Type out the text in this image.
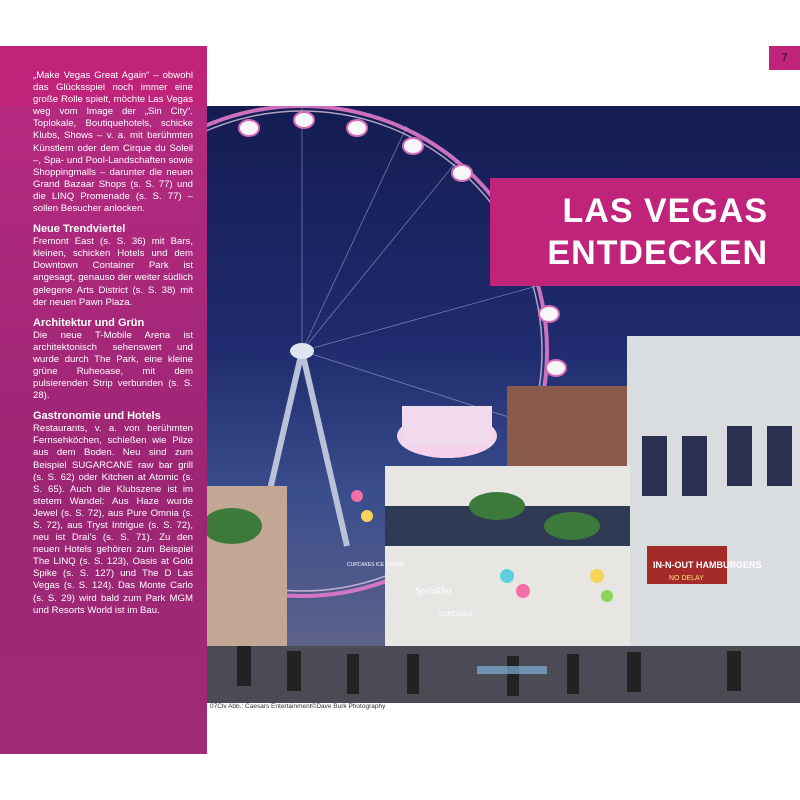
7

„Make Vegas Great Again“ – obwohl das Glücksspiel noch immer eine große Rolle spielt, möchte Las Vegas weg vom Image der „Sin City“. Toplokale, Boutiquehotels, schicke Klubs, Shows – v. a. mit berühmten Künstlern oder dem Cirque du Soleil –, Spa- und Pool-Landschaften sowie Shoppingmalls – darunter die neuen Grand Bazaar Shops (s. S. 77) und die LINQ Promenade (s. S. 77) – sollen Besucher anlocken.

Neue Trendviertel

Fremont East (s. S. 36) mit Bars, kleinen, schicken Hotels und dem Downtown Container Park ist angesagt, genauso der weiter südlich gelegene Arts District (s. S. 38) mit der neuen Pawn Plaza.

Architektur und Grün

Die neue T-Mobile Arena ist architektonisch sehenswert und wurde durch The Park, eine kleine grüne Ruheoase, mit dem pulsierenden Strip verbunden (s. S. 28).

Gastronomie und Hotels

Restaurants, v. a. von berühmten Fernsehköchen, schießen wie Pilze aus dem Boden. Neu sind zum Beispiel SUGARCANE raw bar grill (s. S. 62) oder Kitchen at Atomic (s. S. 65). Auch die Klubszene ist im stetem Wandel: Aus Haze wurde Jewel (s. S. 72), aus Pure Omnia (s. S. 72), aus Tryst Intrigue (s. S. 72), neu ist Drai’s (s. S. 71). Zu den neuen Hotels gehören zum Beispiel The LINQ (s. S. 123), Oasis at Gold Spike (s. S. 127) und The D Las Vegas (s. S. 124). Das Monte Carlo (s. S. 29) wird bald zum Park MGM und Resorts World ist im Bau.

IN-N-OUT HAMBURGERS
NO DELAY
Sprinkles
CUPCAKES
CUPCAKES ICE CREAM
LAS VEGAS
ENTDECKEN
07Clv Abb.: Caesars Entertainment©Dave Burk Photography
